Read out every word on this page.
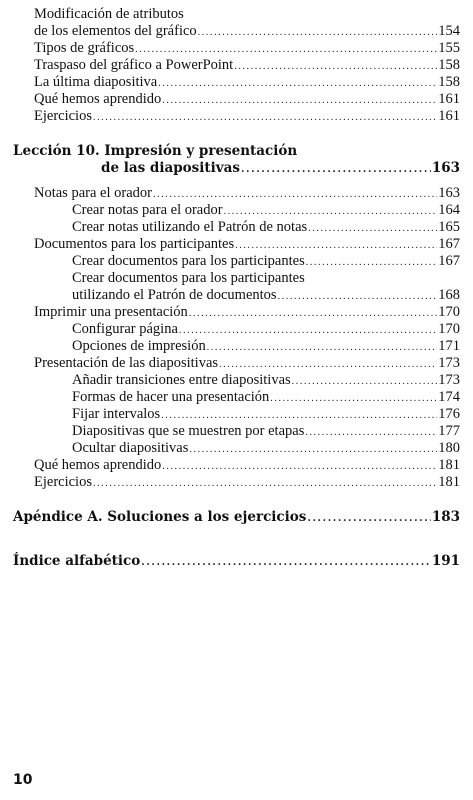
Modificación de atributos
de los elementos del gráfico .....	154
Tipos de gráficos .....	155
Traspaso del gráfico a PowerPoint .....	158
La última diapositiva .....	158
Qué hemos aprendido .....	161
Ejercicios .....	161
Lección 10. Impresión y presentación
de las diapositivas .....	163
Notas para el orador .....	163
Crear notas para el orador .....	164
Crear notas utilizando el Patrón de notas .....	165
Documentos para los participantes .....	167
Crear documentos para los participantes .....	167
Crear documentos para los participantes
utilizando el Patrón de documentos .....	168
Imprimir una presentación .....	170
Configurar página .....	170
Opciones de impresión .....	171
Presentación de las diapositivas .....	173
Añadir transiciones entre diapositivas .....	173
Formas de hacer una presentación .....	174
Fijar intervalos .....	176
Diapositivas que se muestren por etapas .....	177
Ocultar diapositivas .....	180
Qué hemos aprendido .....	181
Ejercicios .....	181
Apéndice A. Soluciones a los ejercicios .....	183
Índice alfabético .....	191
10
